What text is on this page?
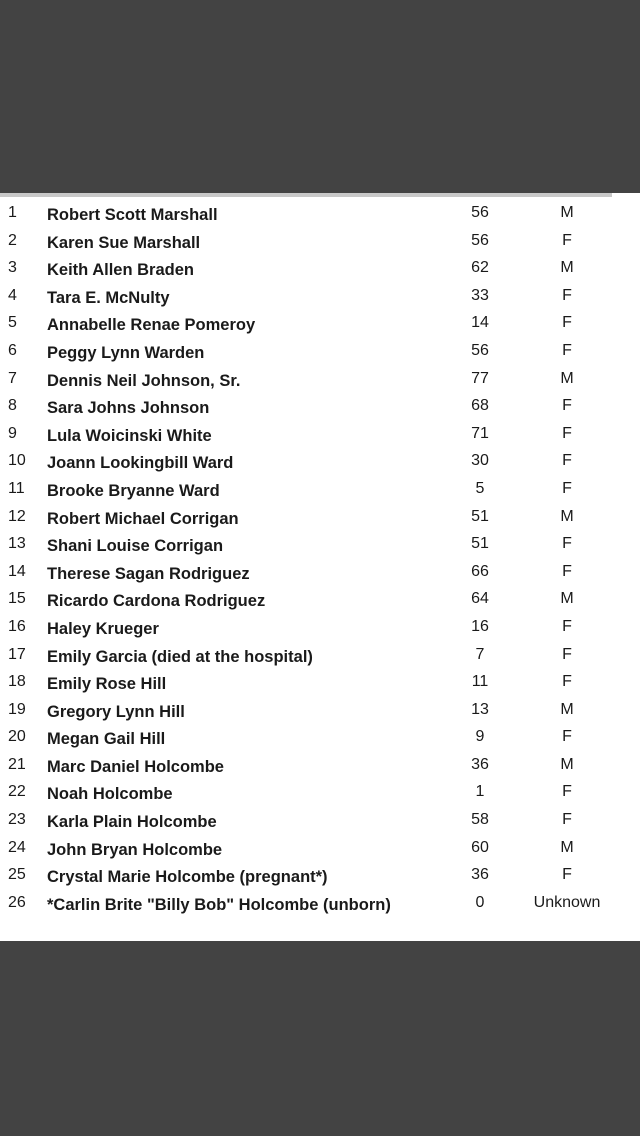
1 Robert Scott Marshall	56	M
2 Karen Sue Marshall	56	F
3 Keith Allen Braden	62	M
4 Tara E. McNulty	33	F
5 Annabelle Renae Pomeroy	14	F
6 Peggy Lynn Warden	56	F
7 Dennis Neil Johnson, Sr.	77	M
8 Sara Johns Johnson	68	F
9 Lula Woicinski White	71	F
10 Joann Lookingbill Ward	30	F
11 Brooke Bryanne Ward	5	F
12 Robert Michael Corrigan	51	M
13 Shani Louise Corrigan	51	F
14 Therese Sagan Rodriguez	66	F
15 Ricardo Cardona Rodriguez	64	M
16 Haley Krueger	16	F
17 Emily Garcia (died at the hospital)	7	F
18 Emily Rose Hill	11	F
19 Gregory Lynn Hill	13	M
20 Megan Gail Hill	9	F
21 Marc Daniel Holcombe	36	M
22 Noah Holcombe	1	F
23 Karla Plain Holcombe	58	F
24 John Bryan Holcombe	60	M
25 Crystal Marie Holcombe (pregnant*)	36	F
26 *Carlin Brite "Billy Bob" Holcombe (unborn)	0	Unknown
